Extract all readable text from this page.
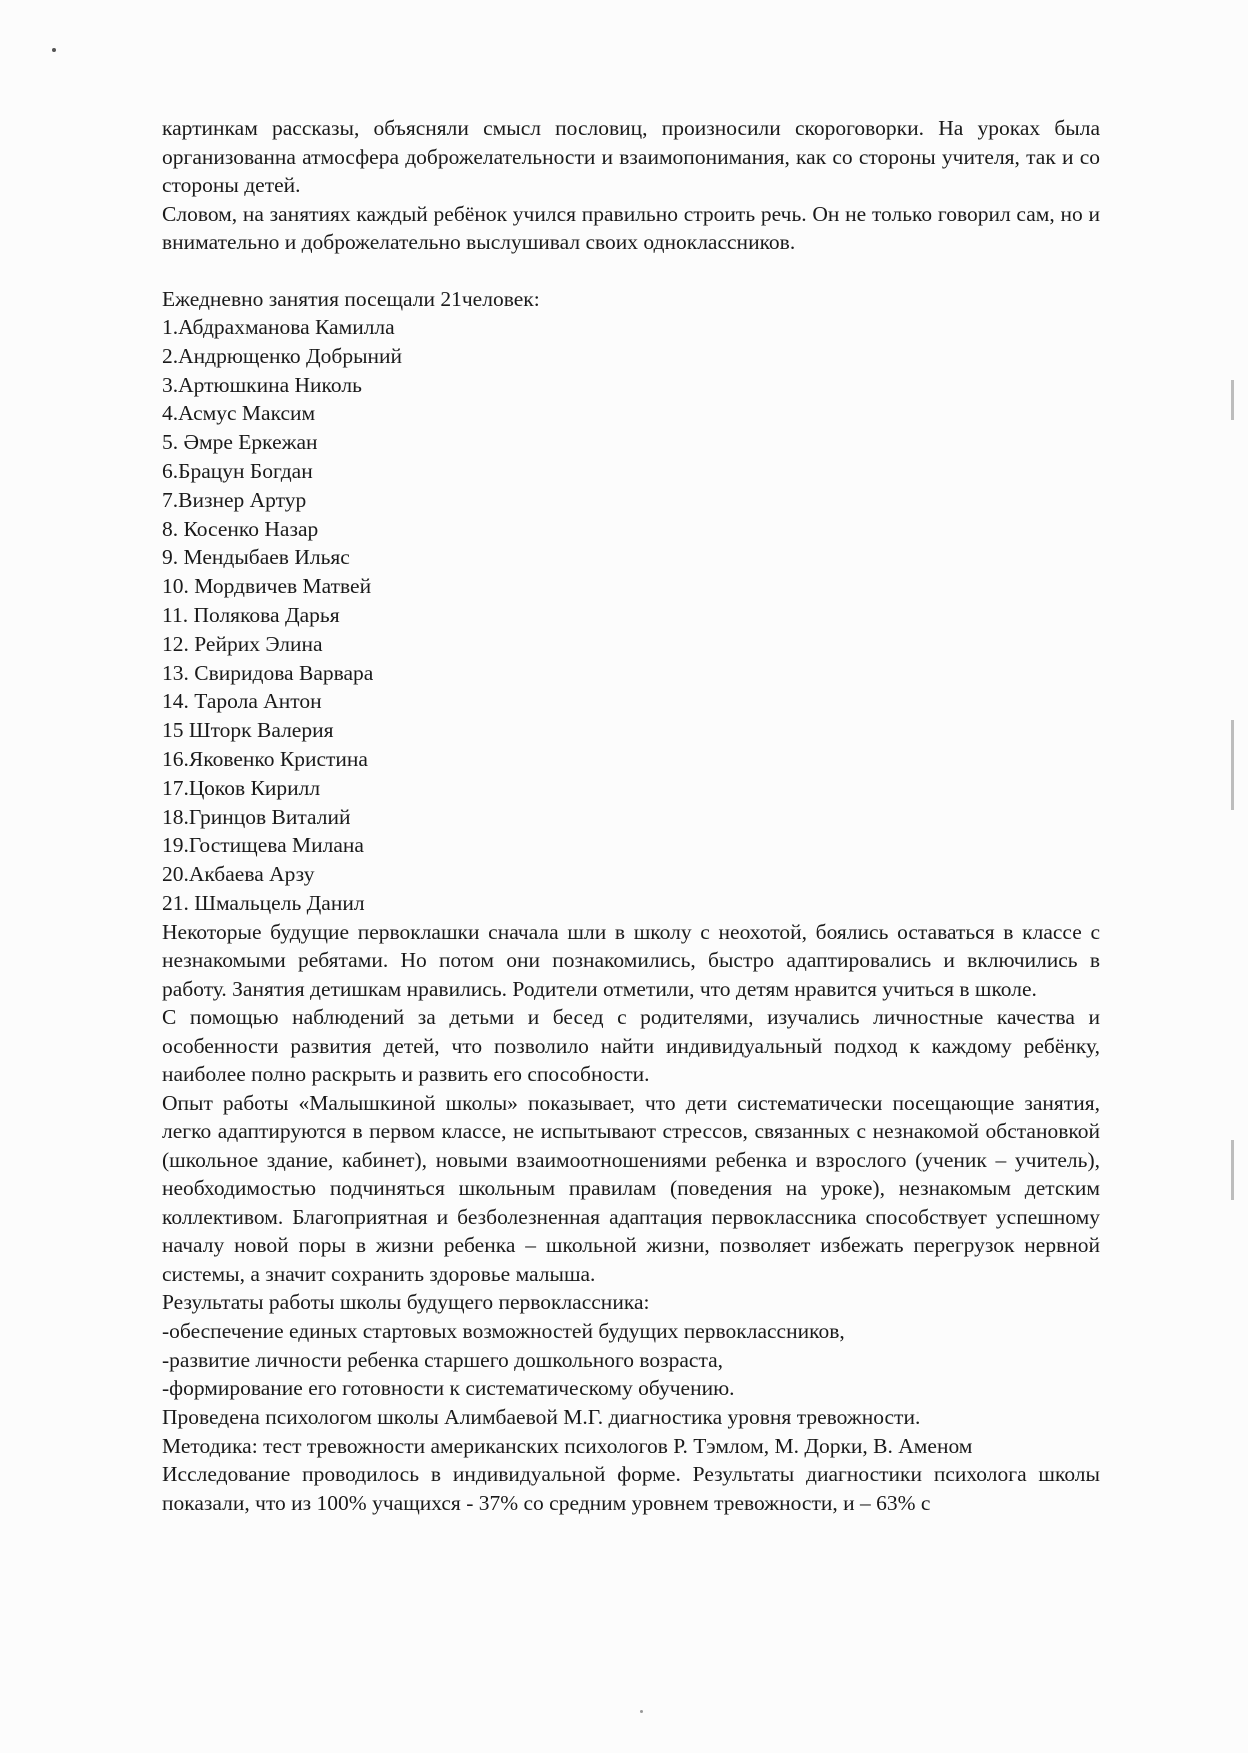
картинкам рассказы, объясняли смысл пословиц, произносили скороговорки. На уроках была организованна атмосфера доброжелательности и взаимопонимания, как со стороны учителя, так и со стороны детей.

Словом, на занятиях каждый ребёнок учился правильно строить речь. Он не только говорил сам, но и внимательно и доброжелательно выслушивал своих одноклассников.

Ежедневно занятия посещали 21человек:

1.Абдрахманова Камилла
2.Андрющенко Добрыний
3.Артюшкина Николь
4.Асмус Максим
5. Әмре Еркежан
6.Брацун Богдан
7.Визнер Артур
8. Косенко Назар
9. Мендыбаев Ильяс
10. Мордвичев Матвей
11. Полякова Дарья
12. Рейрих Элина
13. Свиридова Варвара
14. Тарола Антон
15 Шторк Валерия
16.Яковенко Кристина
17.Цоков Кирилл
18.Гринцов Виталий
19.Гостищева Милана
20.Акбаева Арзу
21. Шмальцель Данил

Некоторые будущие первоклашки сначала шли в школу с неохотой, боялись оставаться в классе с незнакомыми ребятами. Но потом они познакомились, быстро адаптировались и включились в работу. Занятия детишкам нравились. Родители отметили, что детям нравится учиться в школе.

С помощью наблюдений за детьми и бесед с родителями, изучались личностные качества и особенности развития детей, что позволило найти индивидуальный подход к каждому ребёнку, наиболее полно раскрыть и развить его способности.

Опыт работы «Малышкиной школы» показывает, что дети систематически посещающие занятия, легко адаптируются в первом классе, не испытывают стрессов, связанных с незнакомой обстановкой (школьное здание, кабинет), новыми взаимоотношениями ребенка и взрослого (ученик – учитель), необходимостью подчиняться школьным правилам (поведения на уроке), незнакомым детским коллективом. Благоприятная и безболезненная адаптация первоклассника способствует успешному началу новой поры в жизни ребенка – школьной жизни, позволяет избежать перегрузок нервной системы, а значит сохранить здоровье малыша.

Результаты работы школы будущего первоклассника:

-обеспечение единых стартовых возможностей будущих первоклассников,
-развитие личности ребенка старшего дошкольного возраста,
-формирование его готовности к систематическому обучению.

Проведена психологом школы Алимбаевой М.Г. диагностика уровня тревожности.

Методика: тест тревожности американских психологов Р. Тэмлом, М. Дорки, В. Аменом

Исследование проводилось в индивидуальной форме. Результаты диагностики психолога школы показали, что из 100% учащихся - 37% со средним уровнем тревожности, и – 63% с
